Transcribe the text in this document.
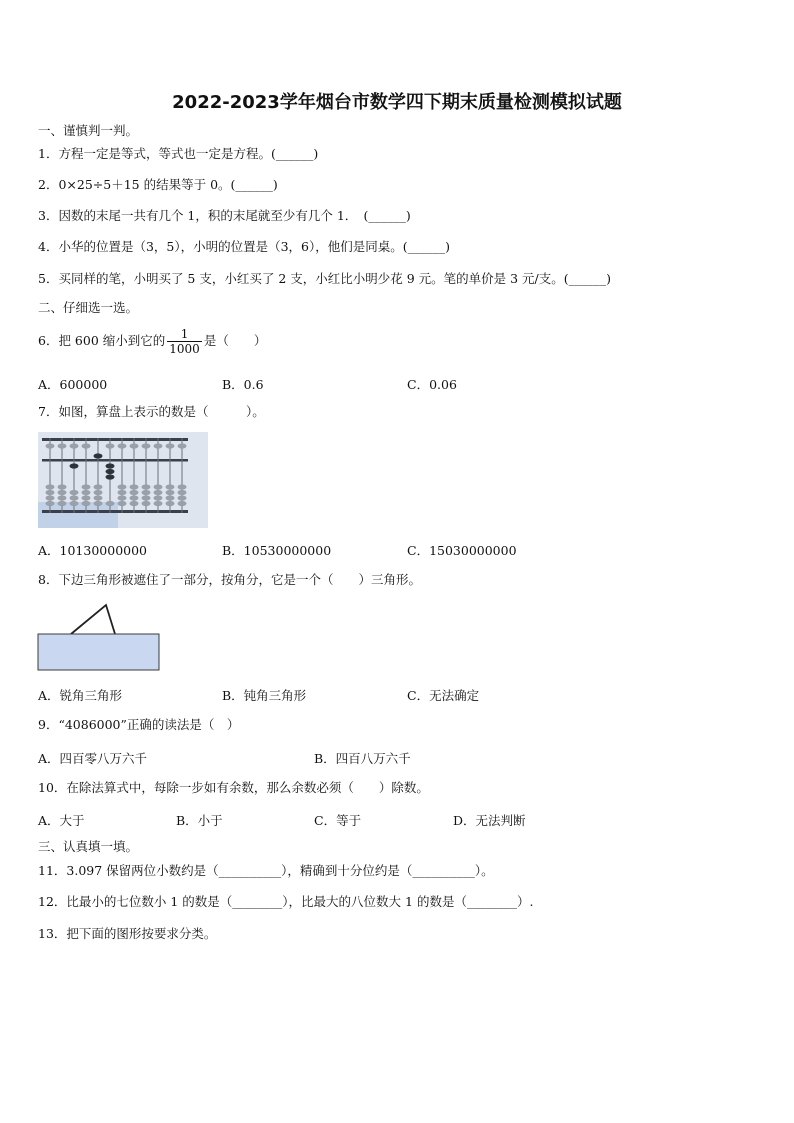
2022-2023学年烟台市数学四下期末质量检测模拟试题
一、谨慎判一判。
1．方程一定是等式，等式也一定是方程。(______)
2．0×25÷5＋15 的结果等于 0。(______)
3．因数的末尾一共有几个 1，积的末尾就至少有几个 1．　(______)
4．小华的位置是（3，5），小明的位置是（3，6），他们是同桌。(______)
5．买同样的笔，小明买了 5 支，小红买了 2 支，小红比小明少花 9 元。笔的单价是 3 元/支。(______)
二、仔细选一选。
6．把 600 缩小到它的 $\frac{1}{1000}$ 是（　　）
A．600000	B．0.6	C．0.06
7．如图，算盘上表示的数是（　　　）。
A．10130000000	B．10530000000	C．15030000000
8．下边三角形被遮住了一部分，按角分，它是一个（　　）三角形。
A．锐角三角形	B．钝角三角形	C．无法确定
9．“4086000”正确的读法是（　）
A．四百零八万六千	B．四百八万六千
10．在除法算式中，每除一步如有余数，那么余数必须（　　）除数。
A．大于	B．小于	C．等于	D．无法判断
三、认真填一填。
11．3.097 保留两位小数约是（__________），精确到十分位约是（__________）。
12．比最小的七位数小 1 的数是（________），比最大的八位数大 1 的数是（________）.
13．把下面的图形按要求分类。
